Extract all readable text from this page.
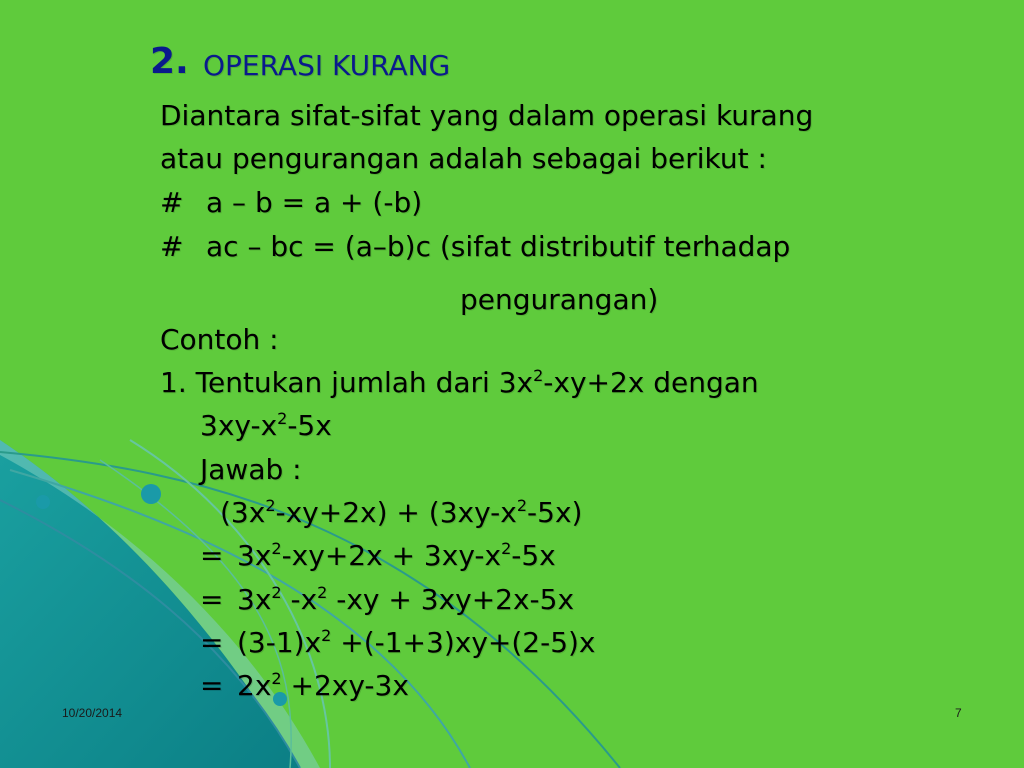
2. OPERASI KURANG
Diantara sifat-sifat yang dalam operasi kurang
atau pengurangan adalah sebagai berikut :
# a – b = a + (-b)
# ac – bc = (a–b)c (sifat distributif terhadap
pengurangan)
Contoh :
1. Tentukan jumlah dari $3x^2-xy+2x$ dengan
$3xy-x^2-5x$
Jawab :
$(3x^2-xy+2x) + (3xy-x^2-5x)$
= $3x^2-xy+2x + 3xy-x^2-5x$
= $3x^2$ $-x^2$ -xy + 3xy+2x-5x
= $(3-1)x^2 +(-1+3)xy+(2-5)x$
= $2x^2 +2xy-3x$
10/20/2014	7
